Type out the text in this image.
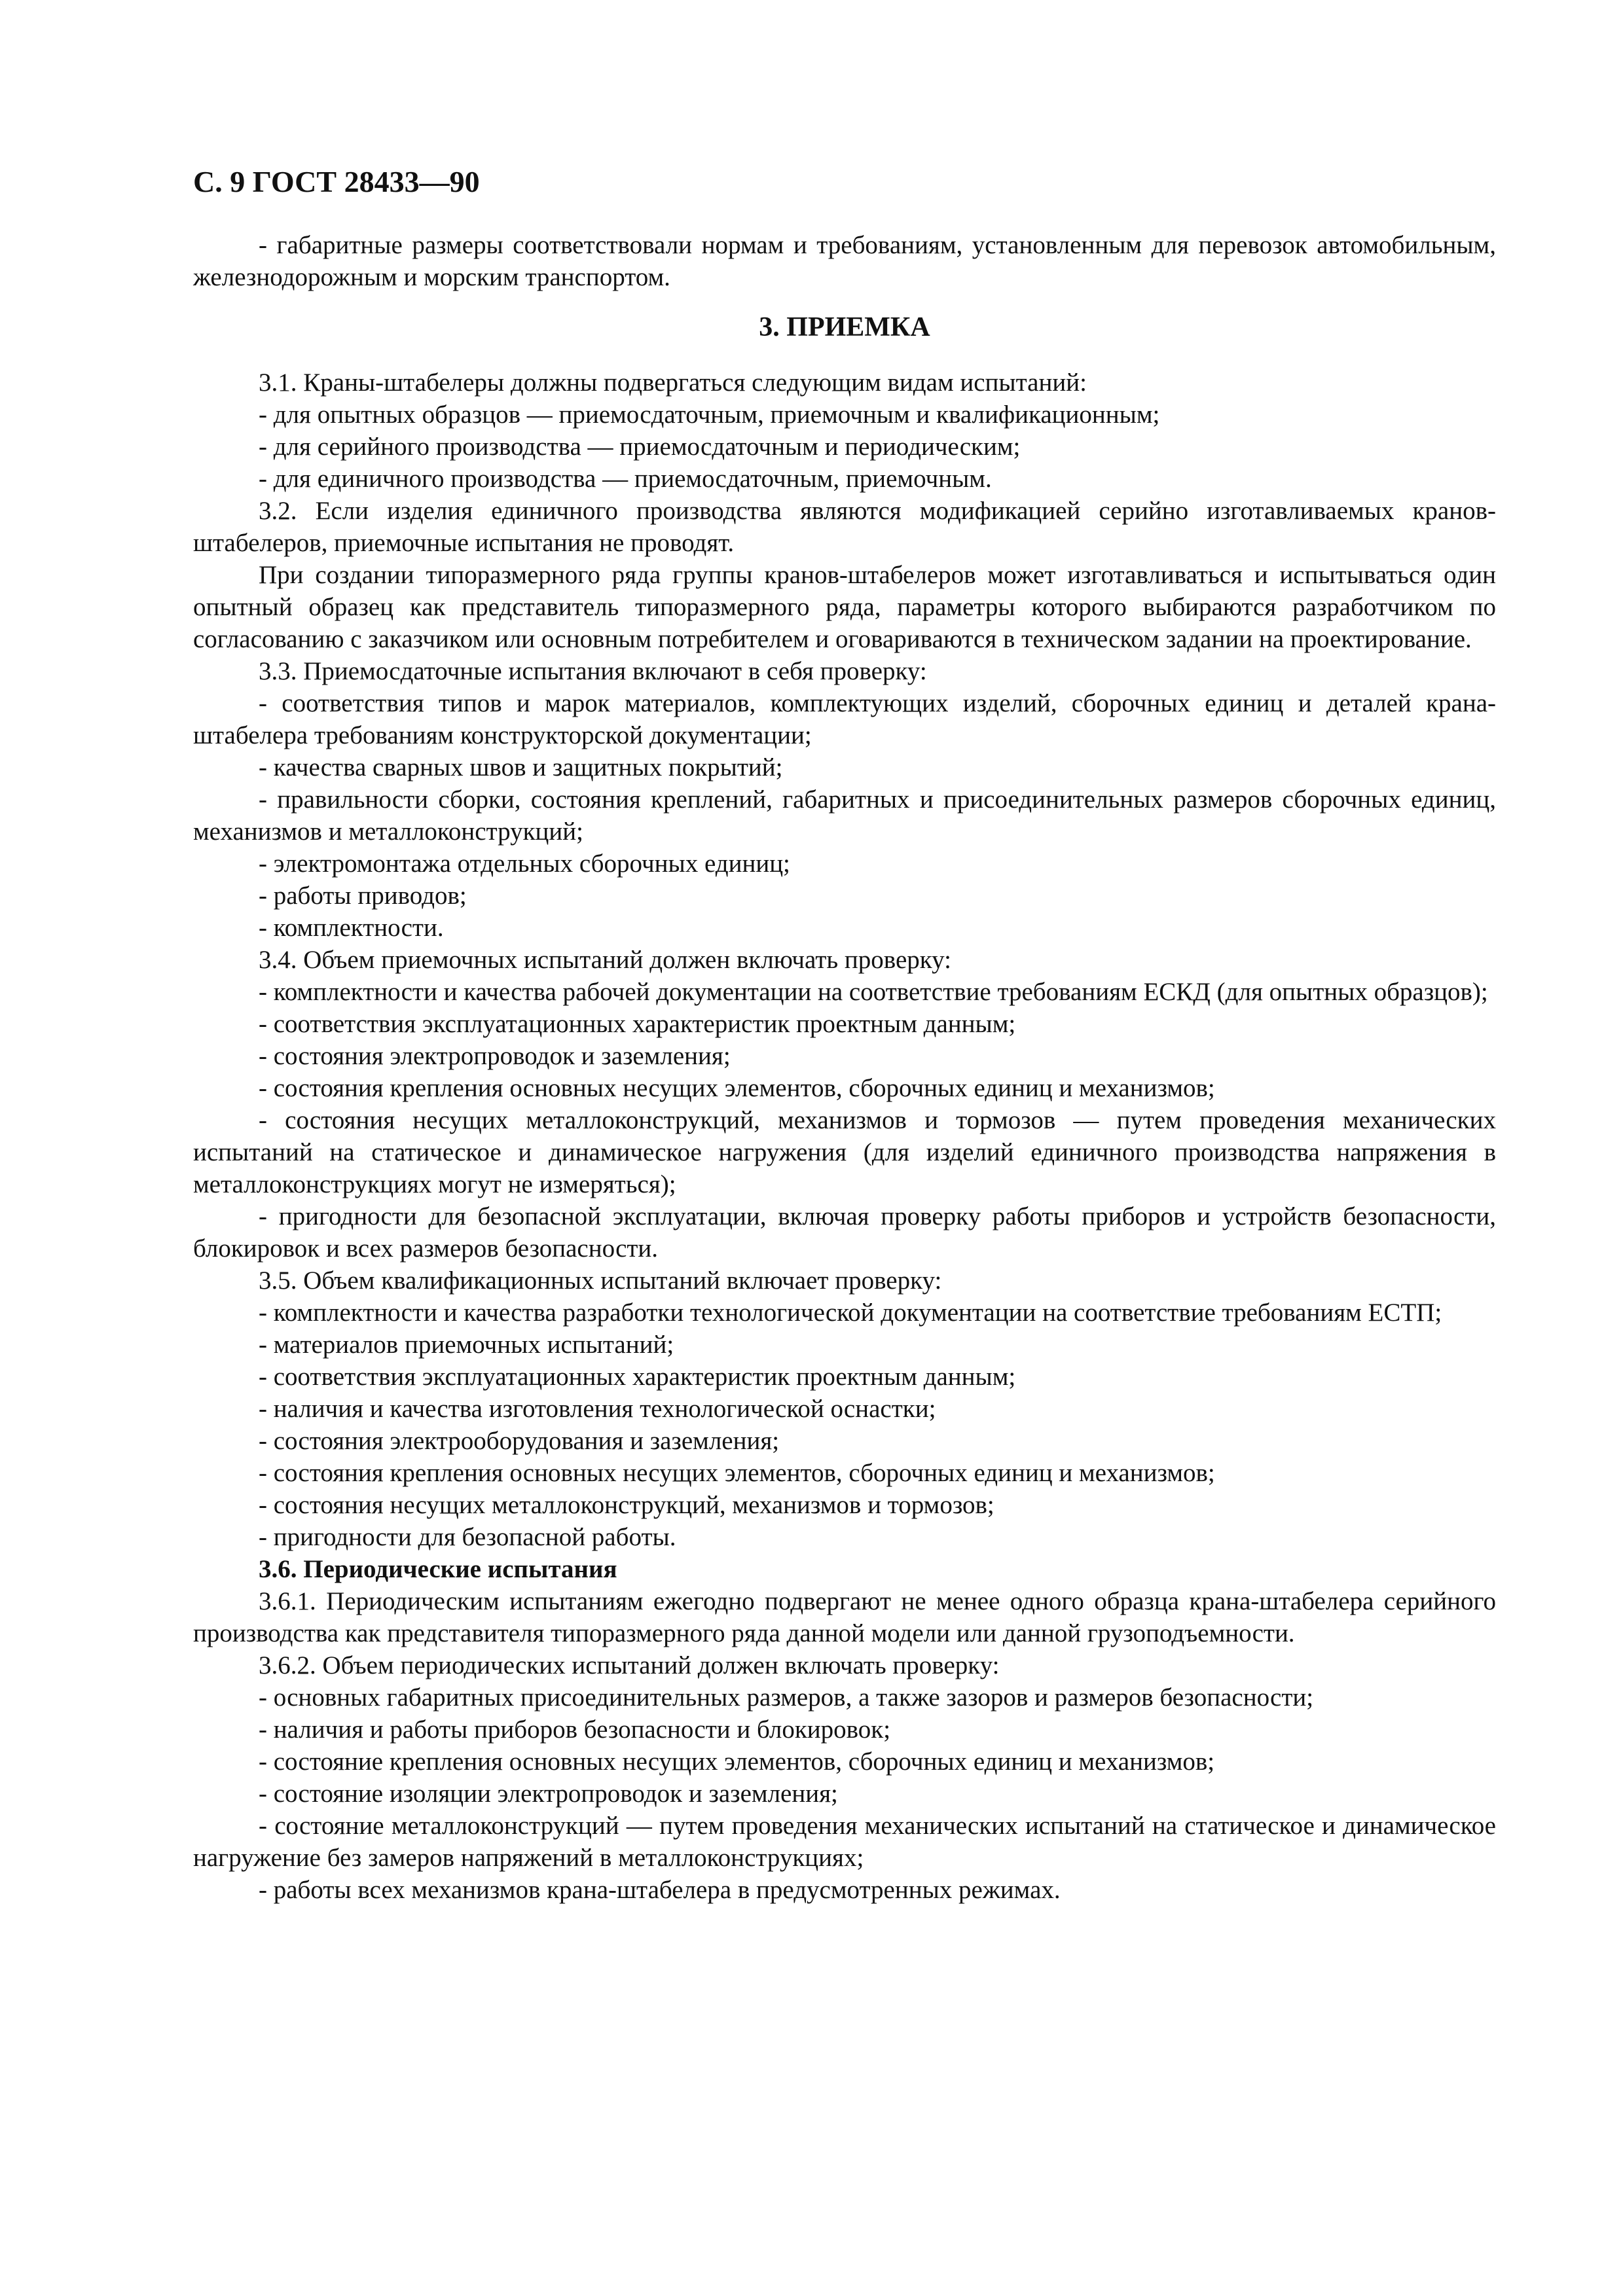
С. 9 ГОСТ 28433—90

- габаритные размеры соответствовали нормам и требованиям, установленным для перевозок автомобильным, железнодорожным и морским транспортом.

3. ПРИЕМКА

3.1. Краны-штабелеры должны подвергаться следующим видам испытаний:

- для опытных образцов — приемосдаточным, приемочным и квалификационным;

- для серийного производства — приемосдаточным и периодическим;

- для единичного производства — приемосдаточным, приемочным.

3.2. Если изделия единичного производства являются модификацией серийно изготавливаемых кранов-штабелеров, приемочные испытания не проводят.

При создании типоразмерного ряда группы кранов-штабелеров может изготавливаться и испытываться один опытный образец как представитель типоразмерного ряда, параметры которого выбираются разработчиком по согласованию с заказчиком или основным потребителем и оговариваются в техническом задании на проектирование.

3.3. Приемосдаточные испытания включают в себя проверку:

- соответствия типов и марок материалов, комплектующих изделий, сборочных единиц и деталей крана-штабелера требованиям конструкторской документации;

- качества сварных швов и защитных покрытий;

- правильности сборки, состояния креплений, габаритных и присоединительных размеров сборочных единиц, механизмов и металлоконструкций;

- электромонтажа отдельных сборочных единиц;

- работы приводов;

- комплектности.

3.4. Объем приемочных испытаний должен включать проверку:

- комплектности и качества рабочей документации на соответствие требованиям ЕСКД (для опытных образцов);

- соответствия эксплуатационных характеристик проектным данным;

- состояния электропроводок и заземления;

- состояния крепления основных несущих элементов, сборочных единиц и механизмов;

- состояния несущих металлоконструкций, механизмов и тормозов — путем проведения механических испытаний на статическое и динамическое нагружения (для изделий единичного производства напряжения в металлоконструкциях могут не измеряться);

- пригодности для безопасной эксплуатации, включая проверку работы приборов и устройств безопасности, блокировок и всех размеров безопасности.

3.5. Объем квалификационных испытаний включает проверку:

- комплектности и качества разработки технологической документации на соответствие требованиям ЕСТП;

- материалов приемочных испытаний;

- соответствия эксплуатационных характеристик проектным данным;

- наличия и качества изготовления технологической оснастки;

- состояния электрооборудования и заземления;

- состояния крепления основных несущих элементов, сборочных единиц и механизмов;

- состояния несущих металлоконструкций, механизмов и тормозов;

- пригодности для безопасной работы.

3.6. Периодические испытания

3.6.1. Периодическим испытаниям ежегодно подвергают не менее одного образца крана-штабелера серийного производства как представителя типоразмерного ряда данной модели или данной грузоподъемности.

3.6.2. Объем периодических испытаний должен включать проверку:

- основных габаритных присоединительных размеров, а также зазоров и размеров безопасности;

- наличия и работы приборов безопасности и блокировок;

- состояние крепления основных несущих элементов, сборочных единиц и механизмов;

- состояние изоляции электропроводок и заземления;

- состояние металлоконструкций — путем проведения механических испытаний на статическое и динамическое нагружение без замеров напряжений в металлоконструкциях;

- работы всех механизмов крана-штабелера в предусмотренных режимах.
